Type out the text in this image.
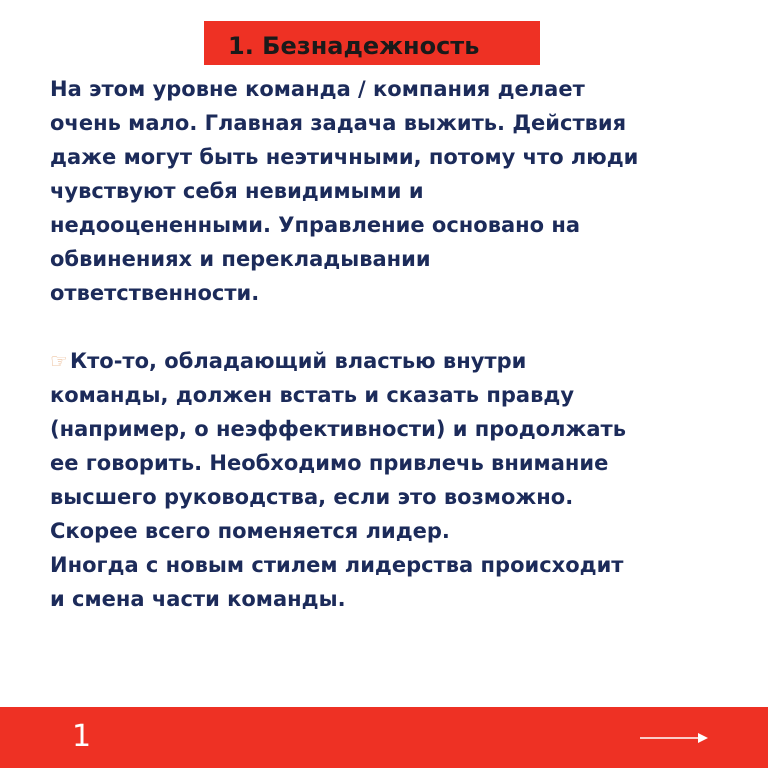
1. Безнадежность

На этом уровне команда / компания делает
очень мало. Главная задача выжить. Действия
даже могут быть неэтичными, потому что люди
чувствуют себя невидимыми и
недооцененными. Управление основано на
обвинениях и перекладывании
ответственности.

☞Кто-то, обладающий властью внутри
команды, должен встать и сказать правду
(например, о неэффективности) и продолжать
ее говорить. Необходимо привлечь внимание
высшего руководства, если это возможно.
Скорее всего поменяется лидер.
Иногда с новым стилем лидерства происходит
и смена части команды.

1
